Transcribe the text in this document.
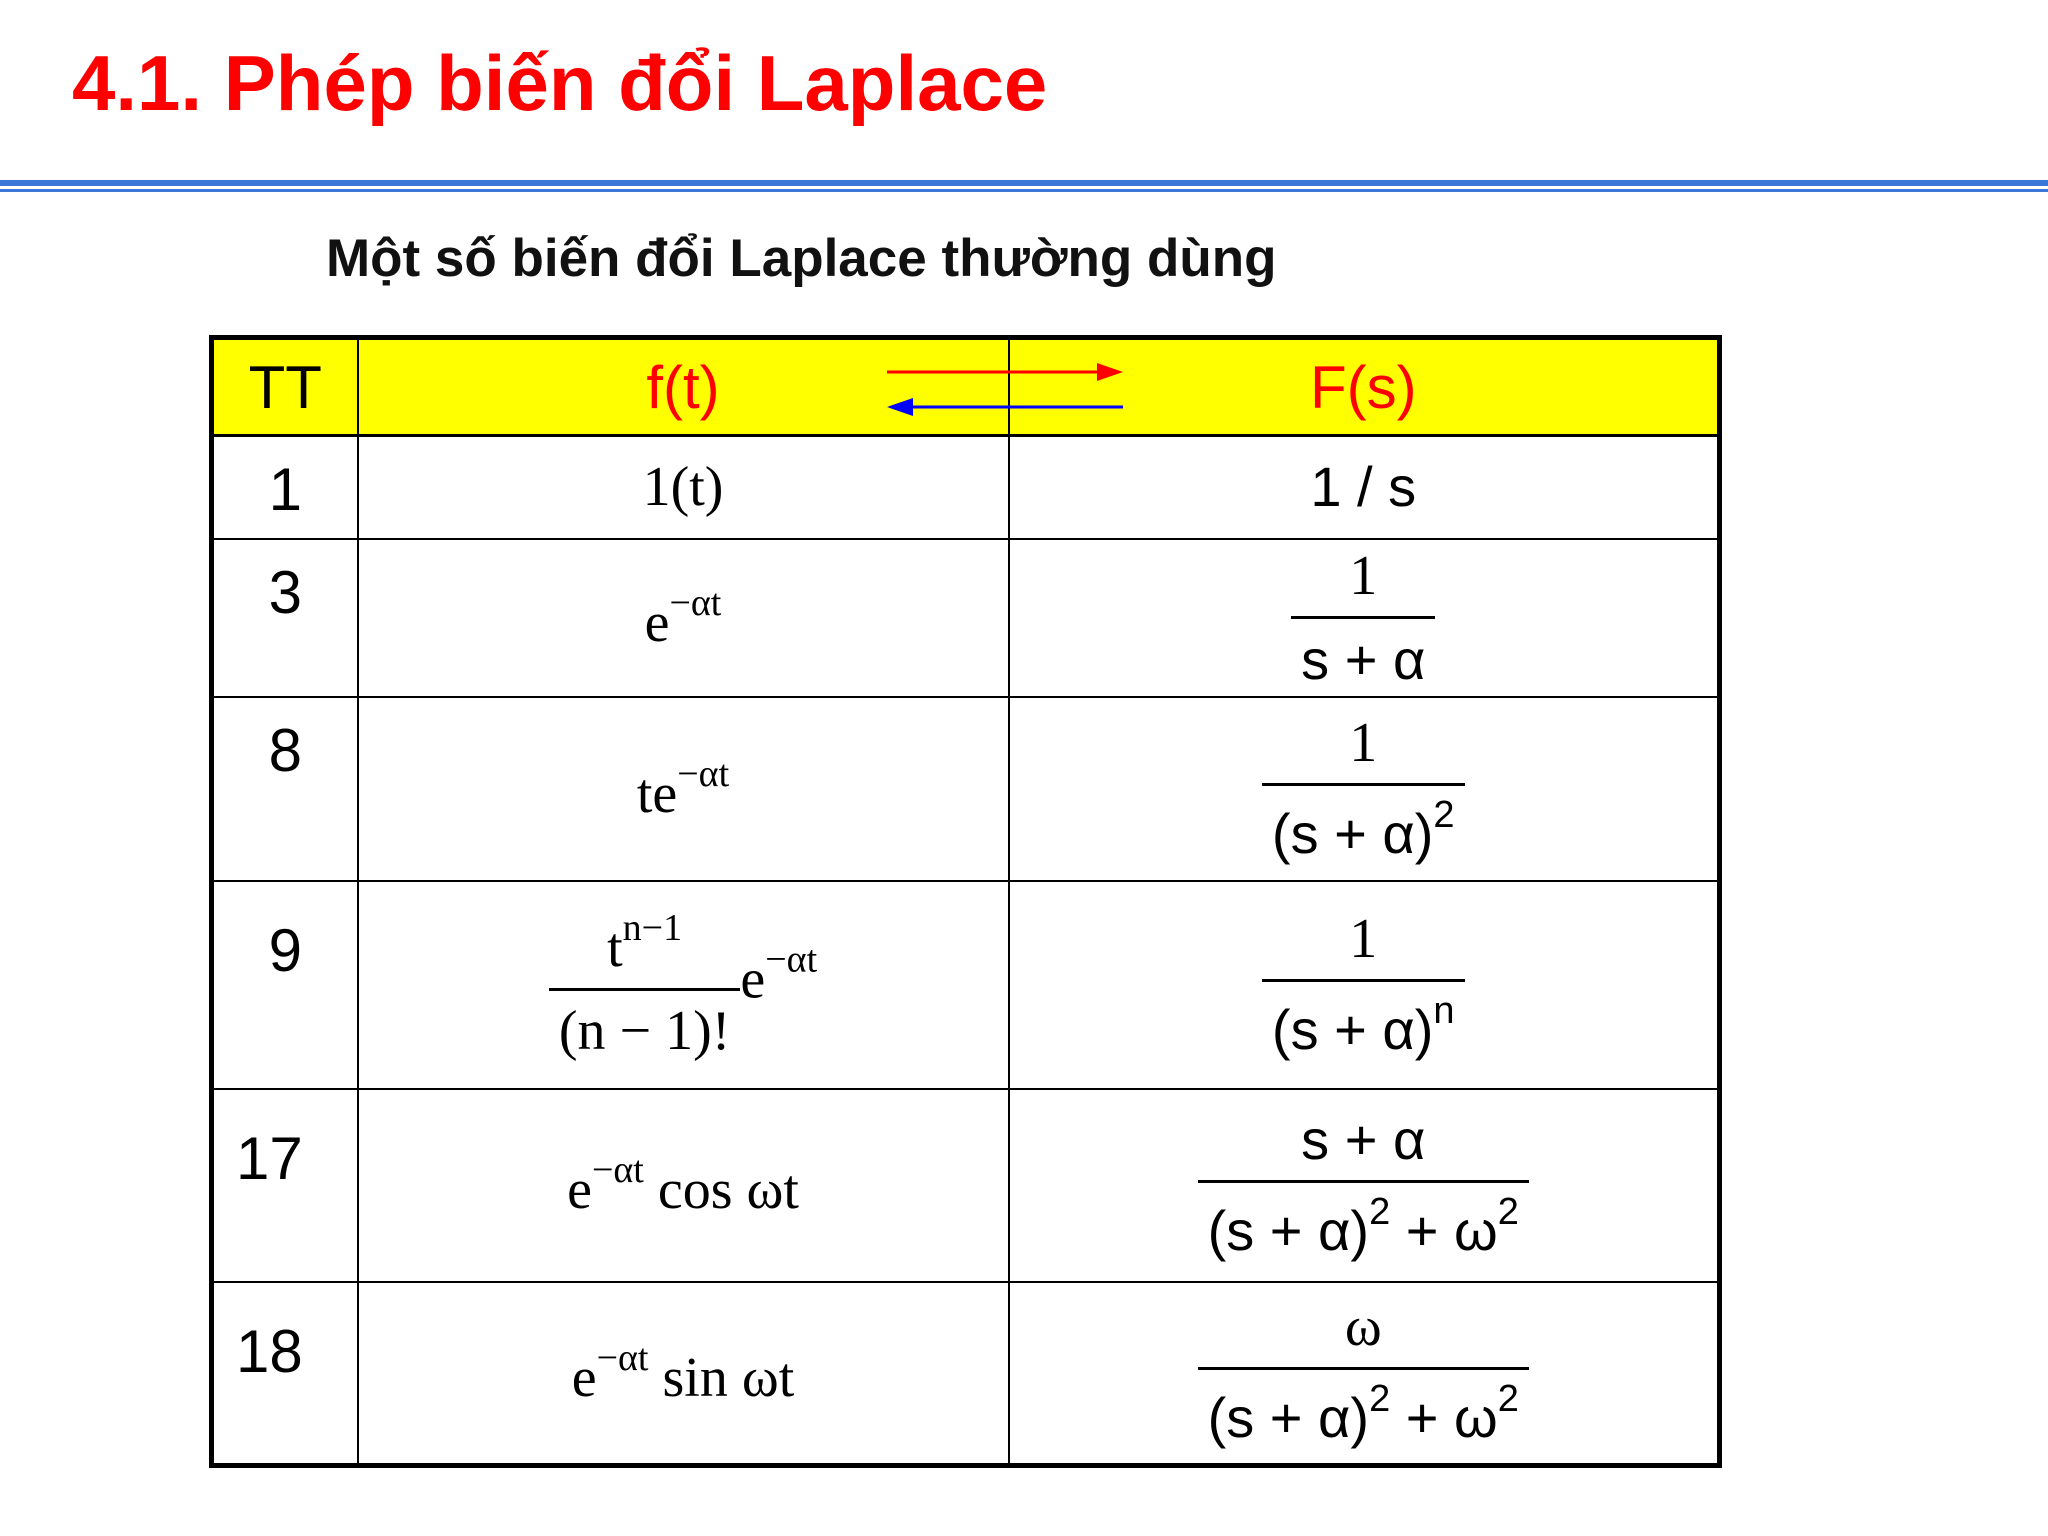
4.1. Phép biến đổi Laplace
Một số biến đổi Laplace thường dùng
TT	f(t)	F(s)

1	1(t)	1 / s

3	$e^{-\alpha t}$	$\frac{1}{s + \alpha}$

8	$te^{-\alpha t}$	$\frac{1}{(s + \alpha)^2}$

9	$\frac{t^{n-1}}{(n - 1)!} e^{-\alpha t}$	$\frac{1}{(s + \alpha)^n}$

17	$e^{-\alpha t}$ cos ωt	$\frac{s + \alpha}{(s + \alpha)^2 + \omega^2}$

18	$e^{-\alpha t}$ sin ωt	$\frac{\omega}{(s + \alpha)^2 + \omega^2}$
